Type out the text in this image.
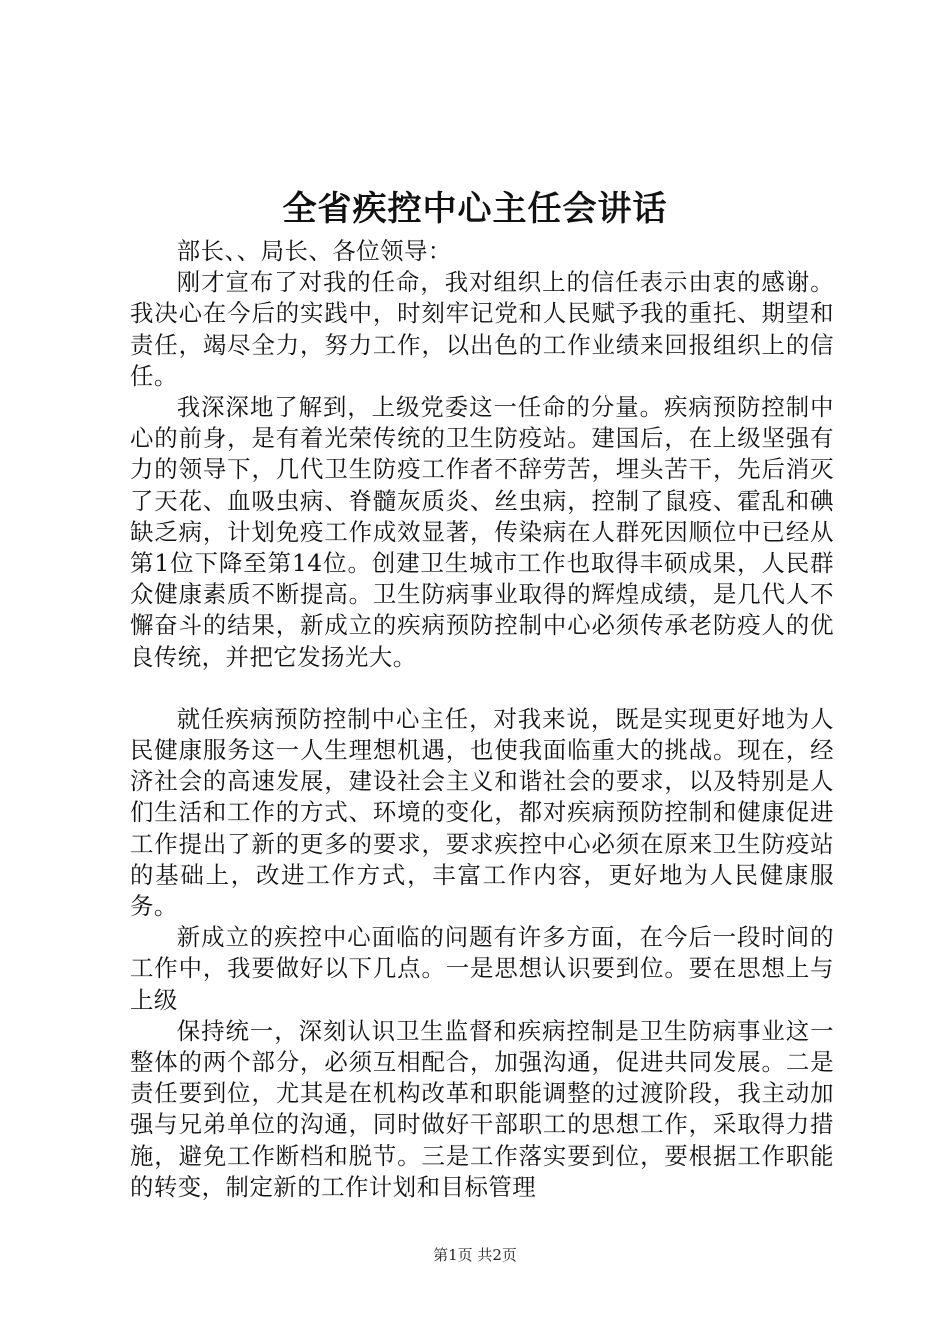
全省疾控中心主任会讲话

部长、、局长、各位领导：

刚才宣布了对我的任命，我对组织上的信任表示由衷的感谢。我决心在今后的实践中，时刻牢记党和人民赋予我的重托、期望和责任，竭尽全力，努力工作，以出色的工作业绩来回报组织上的信任。

我深深地了解到，上级党委这一任命的分量。疾病预防控制中心的前身，是有着光荣传统的卫生防疫站。建国后，在上级坚强有力的领导下，几代卫生防疫工作者不辞劳苦，埋头苦干，先后消灭了天花、血吸虫病、脊髓灰质炎、丝虫病，控制了鼠疫、霍乱和碘缺乏病，计划免疫工作成效显著，传染病在人群死因顺位中已经从第1位下降至第14位。创建卫生城市工作也取得丰硕成果，人民群众健康素质不断提高。卫生防病事业取得的辉煌成绩，是几代人不懈奋斗的结果，新成立的疾病预防控制中心必须传承老防疫人的优良传统，并把它发扬光大。

就任疾病预防控制中心主任，对我来说，既是实现更好地为人民健康服务这一人生理想机遇，也使我面临重大的挑战。现在，经济社会的高速发展，建设社会主义和谐社会的要求，以及特别是人们生活和工作的方式、环境的变化，都对疾病预防控制和健康促进工作提出了新的更多的要求，要求疾控中心必须在原来卫生防疫站的基础上，改进工作方式，丰富工作内容，更好地为人民健康服务。

新成立的疾控中心面临的问题有许多方面，在今后一段时间的工作中，我要做好以下几点。一是思想认识要到位。要在思想上与上级

保持统一，深刻认识卫生监督和疾病控制是卫生防病事业这一整体的两个部分，必须互相配合，加强沟通，促进共同发展。二是责任要到位，尤其是在机构改革和职能调整的过渡阶段，我主动加强与兄弟单位的沟通，同时做好干部职工的思想工作，采取得力措施，避免工作断档和脱节。三是工作落实要到位，要根据工作职能的转变，制定新的工作计划和目标管理

第1页 共2页
